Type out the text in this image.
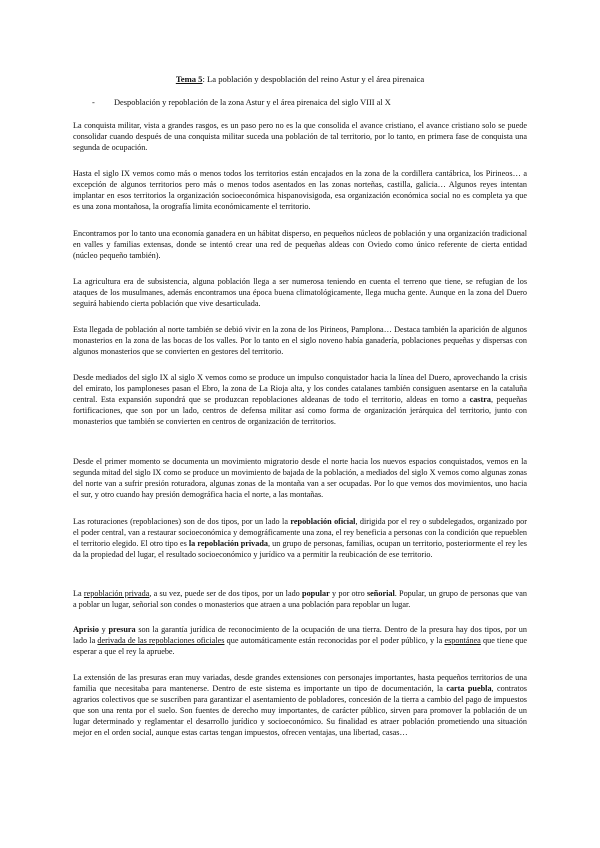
Tema 5: La población y despoblación del reino Astur y el área pirenaica
- Despoblación y repoblación de la zona Astur y el área pirenaica del siglo VIII al X

La conquista militar, vista a grandes rasgos, es un paso pero no es la que consolida el avance cristiano, el avance cristiano solo se puede consolidar cuando después de una conquista militar suceda una población de tal territorio, por lo tanto, en primera fase de conquista una segunda de ocupación.

Hasta el siglo IX vemos como más o menos todos los territorios están encajados en la zona de la cordillera cantábrica, los Pirineos… a excepción de algunos territorios pero más o menos todos asentados en las zonas norteñas, castilla, galicia… Algunos reyes intentan implantar en esos territorios la organización socioeconómica hispanovisigoda, esa organización económica social no es completa ya que es una zona montañosa, la orografía limita económicamente el territorio.

Encontramos por lo tanto una economía ganadera en un hábitat disperso, en pequeños núcleos de población y una organización tradicional en valles y familias extensas, donde se intentó crear una red de pequeñas aldeas con Oviedo como único referente de cierta entidad (núcleo pequeño también).

La agricultura era de subsistencia, alguna población llega a ser numerosa teniendo en cuenta el terreno que tiene, se refugian de los ataques de los musulmanes, además encontramos una época buena climatológicamente, llega mucha gente. Aunque en la zona del Duero seguirá habiendo cierta población que vive desarticulada.

Esta llegada de población al norte también se debió vivir en la zona de los Pirineos, Pamplona… Destaca también la aparición de algunos monasterios en la zona de las bocas de los valles. Por lo tanto en el siglo noveno había ganadería, poblaciones pequeñas y dispersas con algunos monasterios que se convierten en gestores del territorio.

Desde mediados del siglo IX al siglo X vemos como se produce un impulso conquistador hacia la línea del Duero, aprovechando la crisis del emirato, los pamploneses pasan el Ebro, la zona de La Rioja alta, y los condes catalanes también consiguen asentarse en la cataluña central. Esta expansión supondrá que se produzcan repoblaciones aldeanas de todo el territorio, aldeas en torno a castra, pequeñas fortificaciones, que son por un lado, centros de defensa militar así como forma de organización jerárquica del territorio, junto con monasterios que también se convierten en centros de organización de territorios.

Desde el primer momento se documenta un movimiento migratorio desde el norte hacia los nuevos espacios conquistados, vemos en la segunda mitad del siglo IX como se produce un movimiento de bajada de la población, a mediados del siglo X vemos como algunas zonas del norte van a sufrir presión roturadora, algunas zonas de la montaña van a ser ocupadas. Por lo que vemos dos movimientos, uno hacia el sur, y otro cuando hay presión demográfica hacia el norte, a las montañas.

Las roturaciones (repoblaciones) son de dos tipos, por un lado la repoblación oficial, dirigida por el rey o subdelegados, organizado por el poder central, van a restaurar socioeconómica y demográficamente una zona, el rey beneficia a personas con la condición que repueblen el territorio elegido. El otro tipo es la repoblación privada, un grupo de personas, familias, ocupan un territorio, posteriormente el rey les da la propiedad del lugar, el resultado socioeconómico y jurídico va a permitir la reubicación de ese territorio.

La repoblación privada, a su vez, puede ser de dos tipos, por un lado popular y por otro señorial. Popular, un grupo de personas que van a poblar un lugar, señorial son condes o monasterios que atraen a una población para repoblar un lugar.

Aprisio y presura son la garantía jurídica de reconocimiento de la ocupación de una tierra. Dentro de la presura hay dos tipos, por un lado la derivada de las repoblaciones oficiales que automáticamente están reconocidas por el poder público, y la espontánea que tiene que esperar a que el rey la apruebe.

La extensión de las presuras eran muy variadas, desde grandes extensiones con personajes importantes, hasta pequeños territorios de una familia que necesitaba para mantenerse. Dentro de este sistema es importante un tipo de documentación, la carta puebla, contratos agrarios colectivos que se suscriben para garantizar el asentamiento de pobladores, concesión de la tierra a cambio del pago de impuestos que son una renta por el suelo. Son fuentes de derecho muy importantes, de carácter público, sirven para promover la población de un lugar determinado y reglamentar el desarrollo jurídico y socioeconómico. Su finalidad es atraer población prometiendo una situación mejor en el orden social, aunque estas cartas tengan impuestos, ofrecen ventajas, una libertad, casas…
